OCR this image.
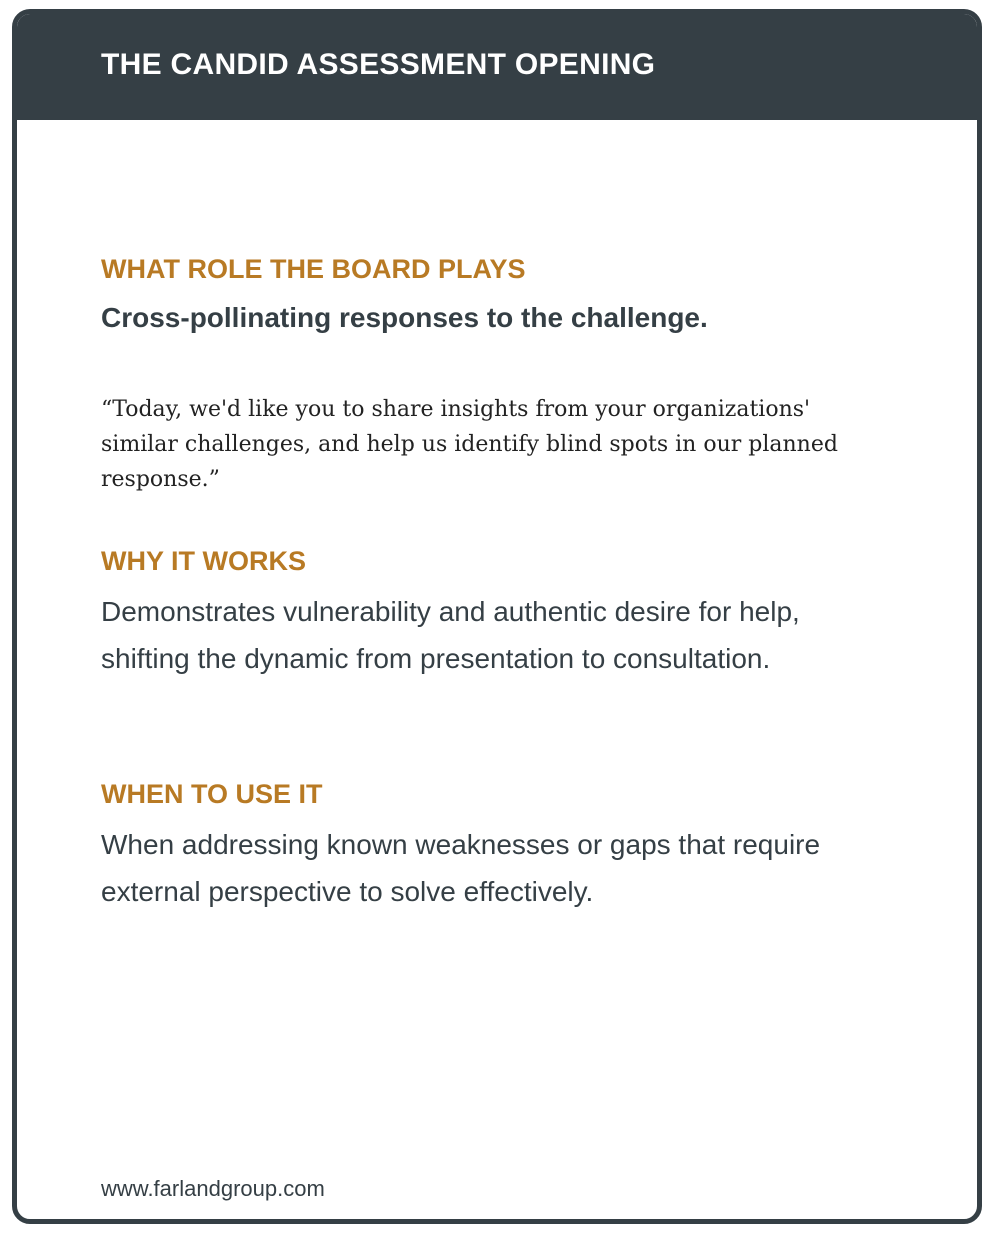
THE CANDID ASSESSMENT OPENING
WHAT ROLE THE BOARD PLAYS
Cross-pollinating responses to the challenge.

“Today, we'd like you to share insights from your organizations' similar challenges, and help us identify blind spots in our planned response.”

WHY IT WORKS

Demonstrates vulnerability and authentic desire for help, shifting the dynamic from presentation to consultation.

WHEN TO USE IT

When addressing known weaknesses or gaps that require external perspective to solve effectively.

www.farlandgroup.com
